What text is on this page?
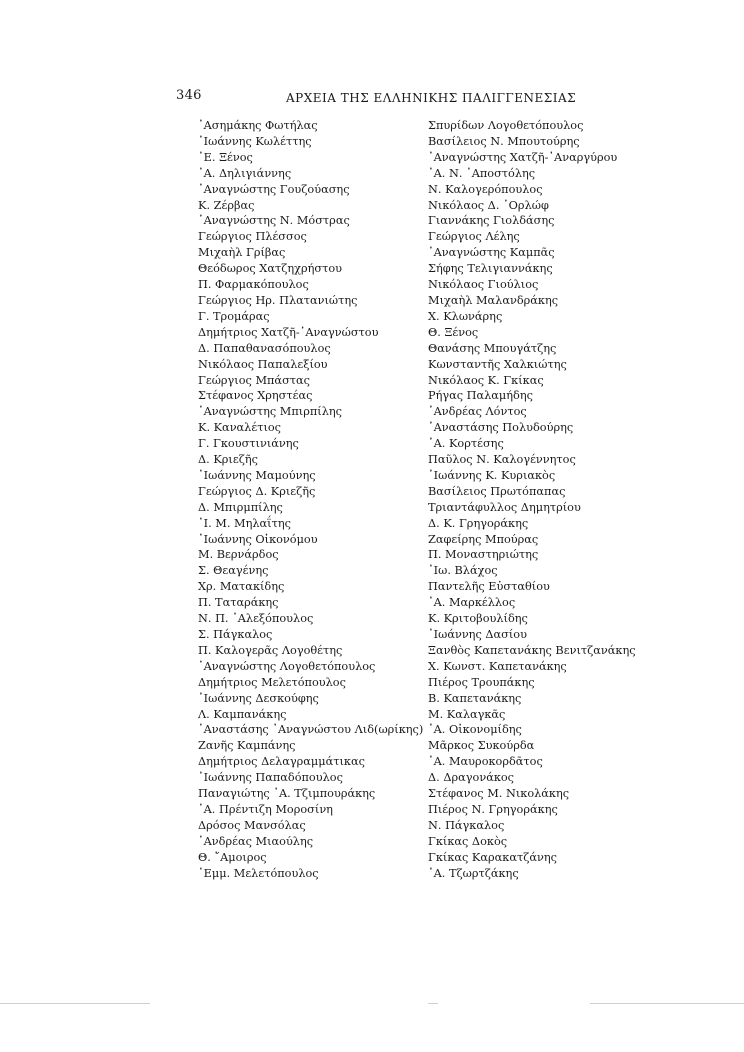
346	ΑΡΧΕΙΑ ΤΗΣ ΕΛΛΗΝΙΚΗΣ ΠΑΛΙΓΓΕΝΕΣΙΑΣ
᾿Ασημάκης Φωτήλας
᾿Ιωάννης Κωλέττης
᾿Ε. Ξένος
᾿Α. Δηλιγιάννης
᾿Αναγνώστης Γουζούασης
Κ. Ζέρβας
᾿Αναγνώστης Ν. Μόστρας
Γεώργιος Πλέσσος
Μιχαὴλ Γρίβας
Θεόδωρος Χατζηχρήστου
Π. Φαρμακόπουλος
Γεώργιος Ηρ. Πλατανιώτης
Γ. Τρομάρας
Δημήτριος Χατζῆ-᾿Αναγνώστου
Δ. Παπαθανασόπουλος
Νικόλαος Παπαλεξίου
Γεώργιος Μπάστας
Στέφανος Χρηστέας
᾿Αναγνώστης Μπιρπίλης
Κ. Καναλέτιος
Γ. Γκουστινιάνης
Δ. Κριεζῆς
᾿Ιωάννης Μαμούνης
Γεώργιος Δ. Κριεζῆς
Δ. Μπιρμπίλης
᾿Ι. Μ. Μηλαΐτης
᾿Ιωάννης Οἰκονόμου
Μ. Βερνάρδος
Σ. Θεαγένης
Χρ. Ματακίδης
Π. Ταταράκης
Ν. Π. ᾿Αλεξόπουλος
Σ. Πάγκαλος
Π. Καλογερᾶς Λογοθέτης
᾿Αναγνώστης Λογοθετόπουλος
Δημήτριος Μελετόπουλος
᾿Ιωάννης Δεσκούφης
Λ. Καμπανάκης
᾿Αναστάσης ᾿Αναγνώστου Λιδ(ωρίκης)
Ζανῆς Καμπάνης
Δημήτριος Δελαγραμμάτικας
᾿Ιωάννης Παπαδόπουλος
Παναγιώτης ᾿Α. Τζιμπουράκης
᾿Α. Πρέντιζη Μοροσίνη
Δρόσος Μανσόλας
᾿Ανδρέας Μιαούλης
Θ. ῎Αμοιρος
᾿Εμμ. Μελετόπουλος
Σπυρίδων Λογοθετόπουλος
Βασίλειος Ν. Μπουτούρης
᾿Αναγνώστης Χατζῆ-᾿Αναργύρου
᾿Α. Ν. ᾿Αποστόλης
Ν. Καλογερόπουλος
Νικόλαος Δ. ᾿Ορλώφ
Γιαννάκης Γιολδάσης
Γεώργιος Λέλης
᾿Αναγνώστης Καμπᾶς
Σήφης Τελιγιαννάκης
Νικόλαος Γιούλιος
Μιχαὴλ Μαλανδράκης
Χ. Κλωνάρης
Θ. Ξένος
Θανάσης Μπουγάτζης
Κωνσταντῆς Χαλκιώτης
Νικόλαος Κ. Γκίκας
Ρήγας Παλαμήδης
᾿Ανδρέας Λόντος
᾿Αναστάσης Πολυδούρης
᾿Α. Κορτέσης
Παῦλος Ν. Καλογέννητος
᾿Ιωάννης Κ. Κυριακὸς
Βασίλειος Πρωτόπαπας
Τριαντάφυλλος Δημητρίου
Δ. Κ. Γρηγοράκης
Ζαφείρης Μπούρας
Π. Μοναστηριώτης
᾿Ιω. Βλάχος
Παντελῆς Εὐσταθίου
᾿Α. Μαρκέλλος
Κ. Κριτοβουλίδης
᾿Ιωάννης Δασίου
Ξανθὸς Καπετανάκης Βενιτζανάκης
Χ. Κωνστ. Καπετανάκης
Πιέρος Τρουπάκης
Β. Καπετανάκης
Μ. Καλαγκᾶς
᾿Α. Οἰκονομίδης
Μᾶρκος Συκούρδα
᾿Α. Μαυροκορδᾶτος
Δ. Δραγονάκος
Στέφανος Μ. Νικολάκης
Πιέρος Ν. Γρηγοράκης
Ν. Πάγκαλος
Γκίκας Δοκὸς
Γκίκας Καρακατζάνης
᾿Α. Τζωρτζάκης
